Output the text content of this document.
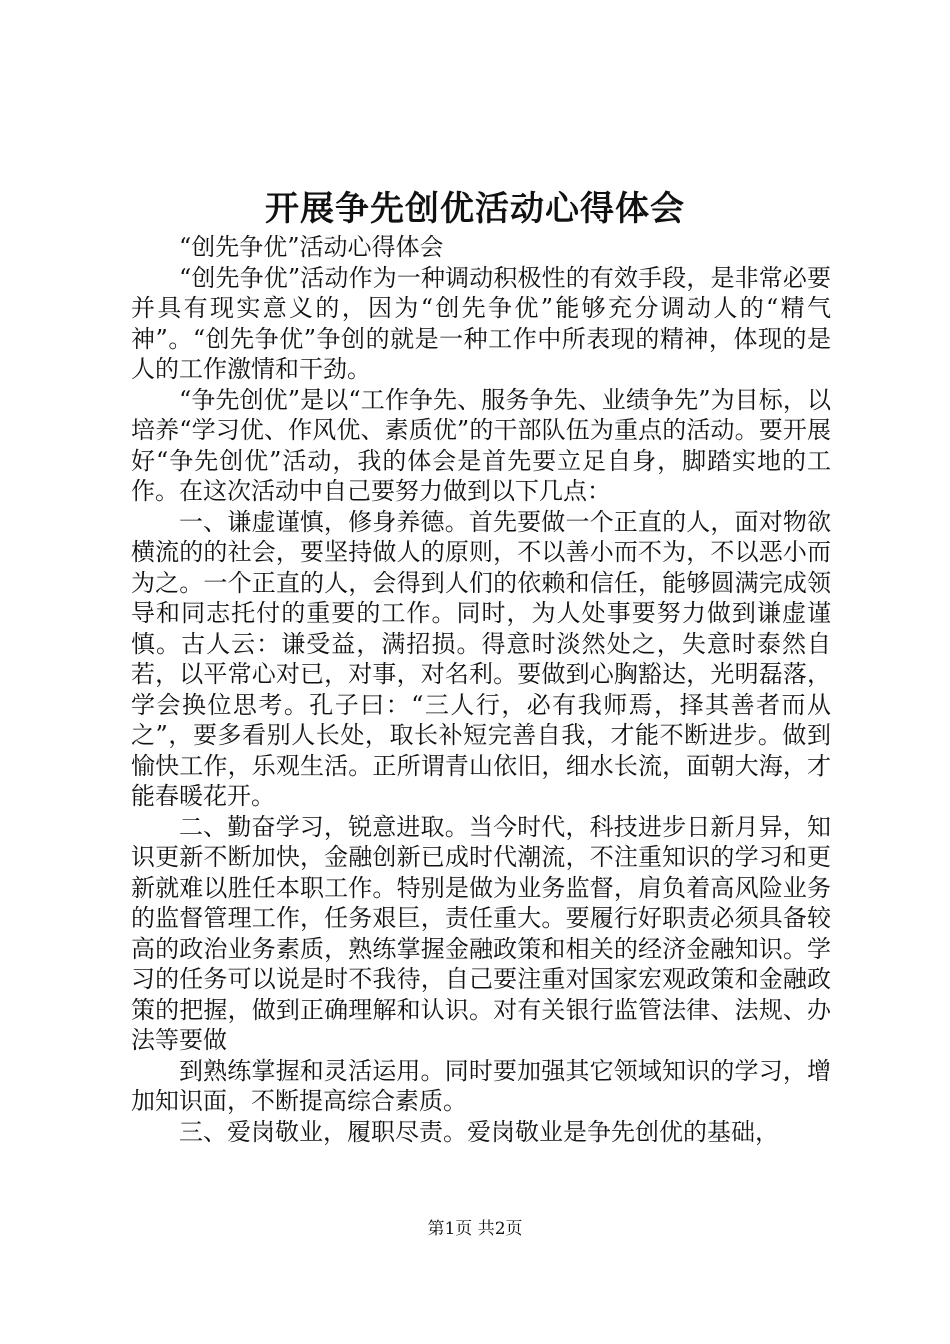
开展争先创优活动心得体会

“创先争优”活动心得体会

“创先争优”活动作为一种调动积极性的有效手段，是非常必要并具有现实意义的，因为“创先争优”能够充分调动人的“精气神”。“创先争优”争创的就是一种工作中所表现的精神，体现的是人的工作激情和干劲。

“争先创优”是以“工作争先、服务争先、业绩争先”为目标，以培养“学习优、作风优、素质优”的干部队伍为重点的活动。要开展好“争先创优”活动，我的体会是首先要立足自身，脚踏实地的工作。在这次活动中自己要努力做到以下几点：

一、谦虚谨慎，修身养德。首先要做一个正直的人，面对物欲横流的的社会，要坚持做人的原则，不以善小而不为，不以恶小而为之。一个正直的人，会得到人们的依赖和信任，能够圆满完成领导和同志托付的重要的工作。同时，为人处事要努力做到谦虚谨慎。古人云：谦受益，满招损。得意时淡然处之，失意时泰然自若，以平常心对已，对事，对名利。要做到心胸豁达，光明磊落，学会换位思考。孔子曰：“三人行，必有我师焉，择其善者而从之”，要多看别人长处，取长补短完善自我，才能不断进步。做到愉快工作，乐观生活。正所谓青山依旧，细水长流，面朝大海，才能春暖花开。

二、勤奋学习，锐意进取。当今时代，科技进步日新月异，知识更新不断加快，金融创新已成时代潮流，不注重知识的学习和更新就难以胜任本职工作。特别是做为业务监督，肩负着高风险业务的监督管理工作，任务艰巨，责任重大。要履行好职责必须具备较高的政治业务素质，熟练掌握金融政策和相关的经济金融知识。学习的任务可以说是时不我待，自己要注重对国家宏观政策和金融政策的把握，做到正确理解和认识。对有关银行监管法律、法规、办法等要做

到熟练掌握和灵活运用。同时要加强其它领域知识的学习，增加知识面，不断提高综合素质。

三、爱岗敬业，履职尽责。爱岗敬业是争先创优的基础，

第1页 共2页
